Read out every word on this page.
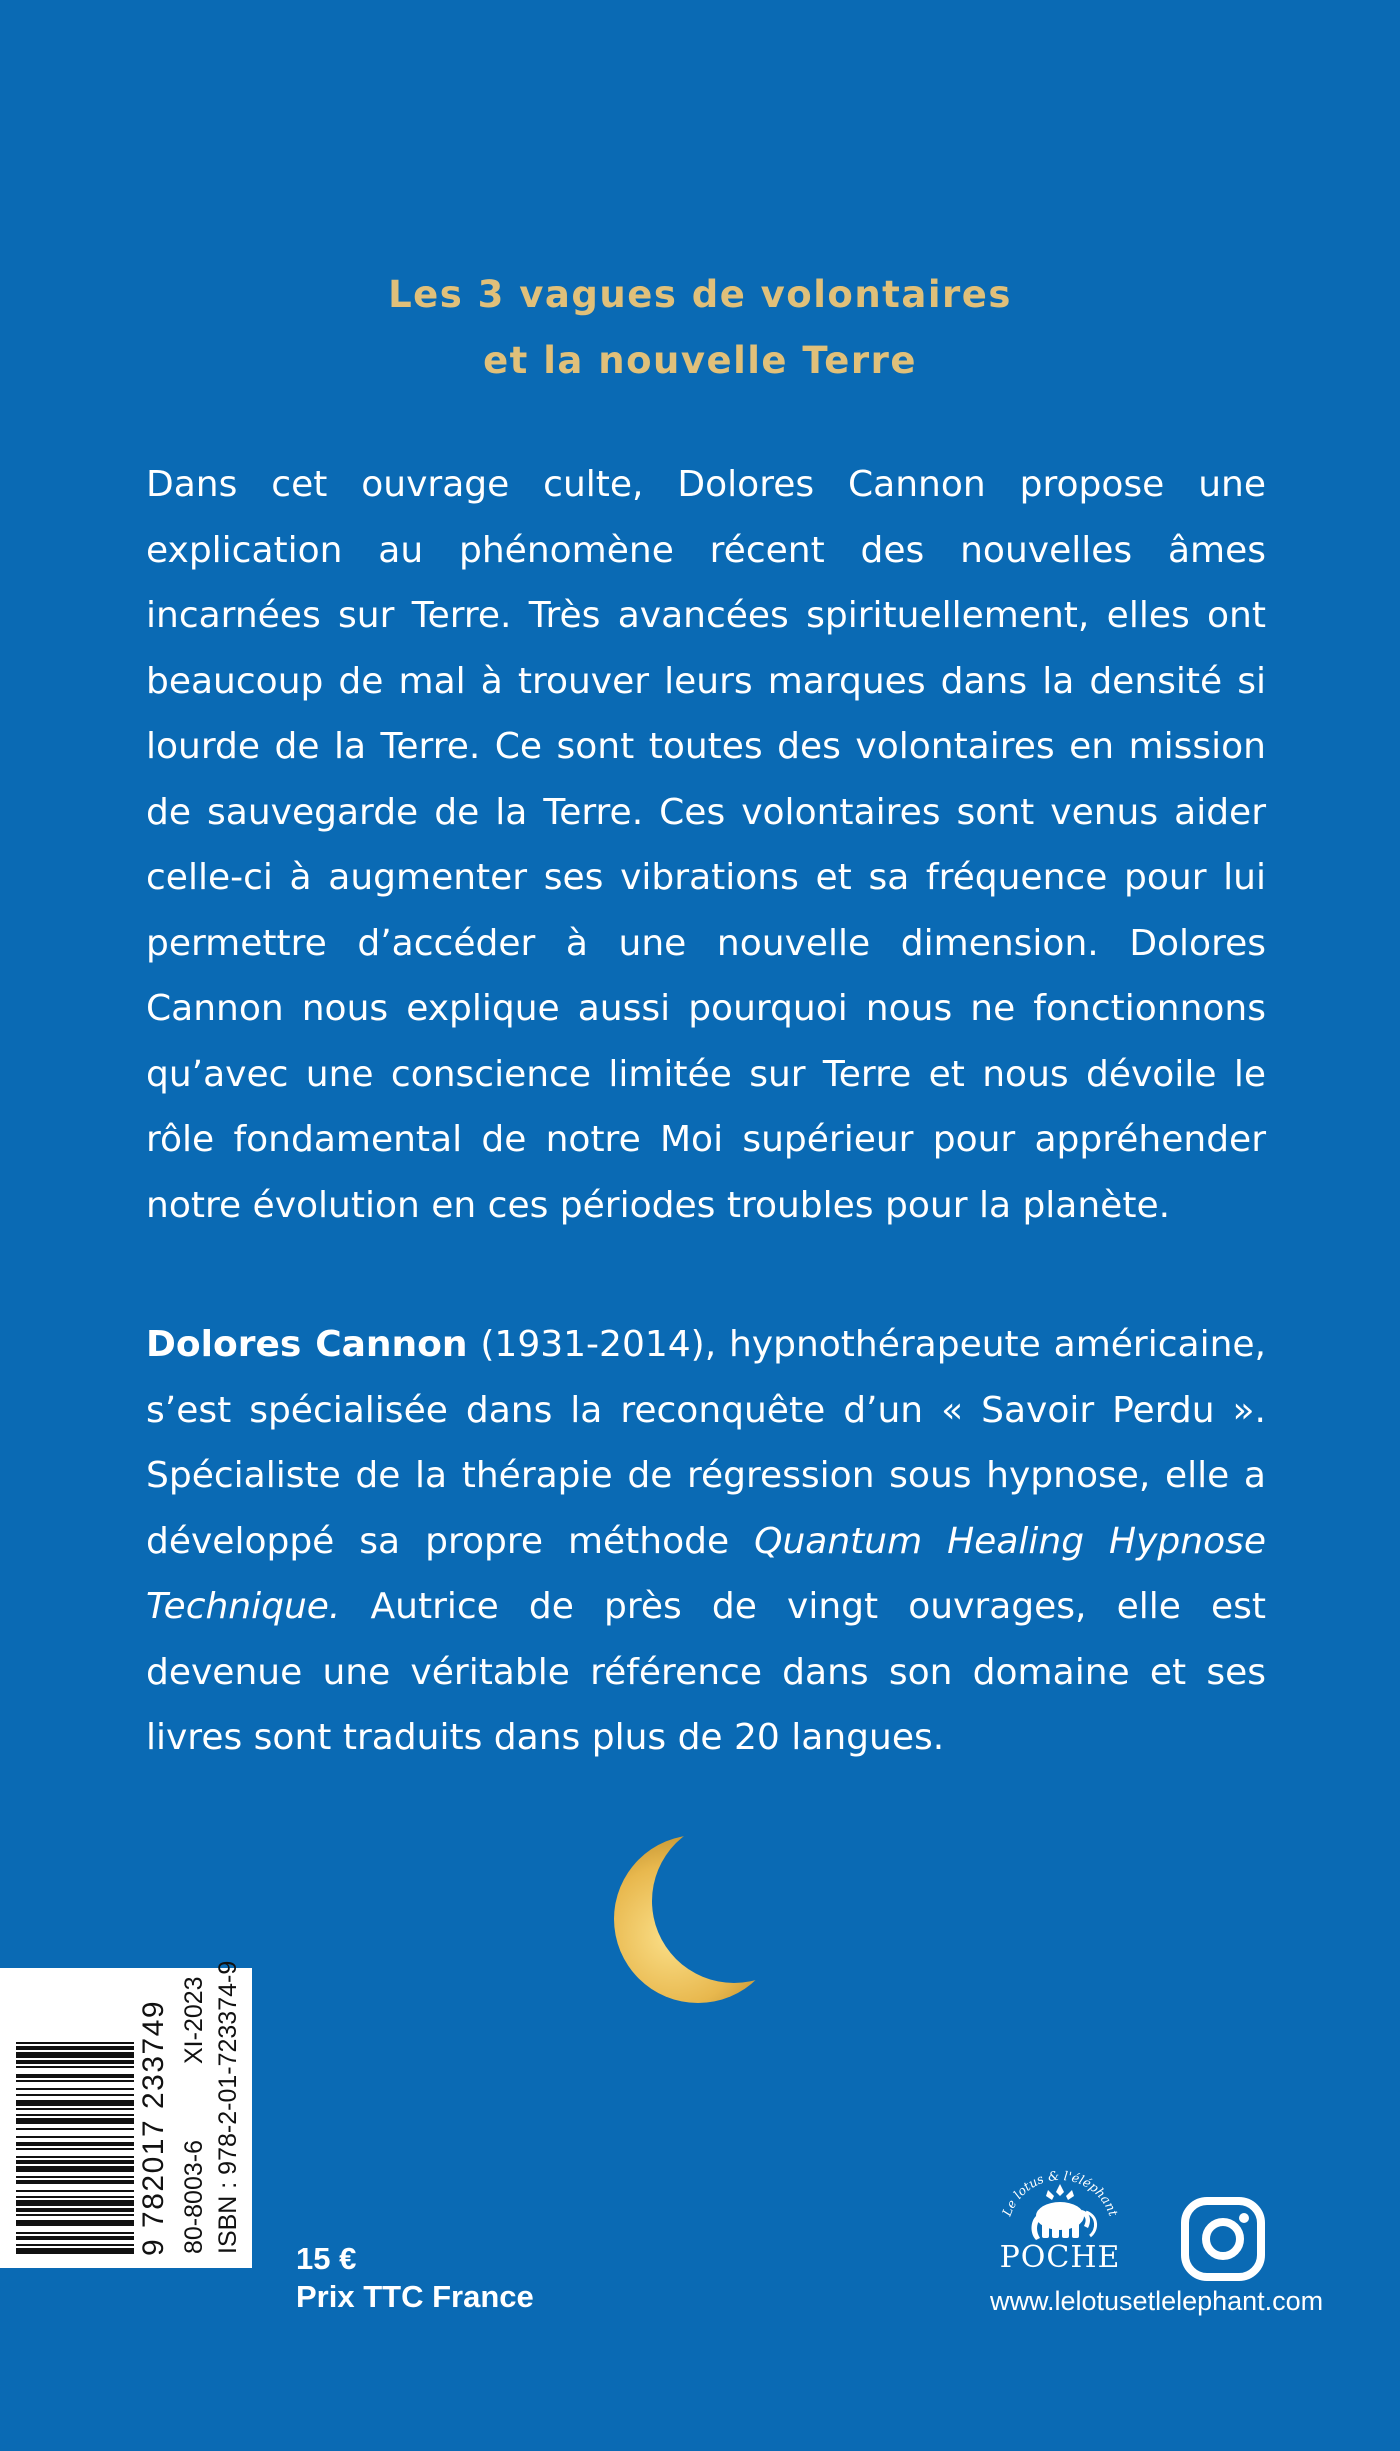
Les 3 vagues de volontaires
et la nouvelle Terre

Dans cet ouvrage culte, Dolores Cannon propose une explication au phénomène récent des nouvelles âmes incarnées sur Terre. Très avancées spirituellement, elles ont beaucoup de mal à trouver leurs marques dans la densité si lourde de la Terre. Ce sont toutes des volontaires en mission de sauvegarde de la Terre. Ces volontaires sont venus aider celle-ci à augmenter ses vibrations et sa fréquence pour lui permettre d’accéder à une nouvelle dimension. Dolores Cannon nous explique aussi pourquoi nous ne fonctionnons qu’avec une conscience limitée sur Terre et nous dévoile le rôle fondamental de notre Moi supérieur pour appréhender notre évolution en ces périodes troubles pour la planète.

Dolores Cannon (1931-2014), hypnothérapeute américaine, s’est spécialisée dans la reconquête d’un « Savoir Perdu ». Spécialiste de la thérapie de régression sous hypnose, elle a développé sa propre méthode Quantum Healing Hypnose Technique. Autrice de près de vingt ouvrages, elle est devenue une véritable référence dans son domaine et ses livres sont traduits dans plus de 20 langues.

9 782017 233749 80-8003-6
XI-2023 ISBN : 978-2-01-723374-9
15 €
Prix TTC France
Le lotus & l'éléphant
POCHE
www.lelotusetlelephant.com
